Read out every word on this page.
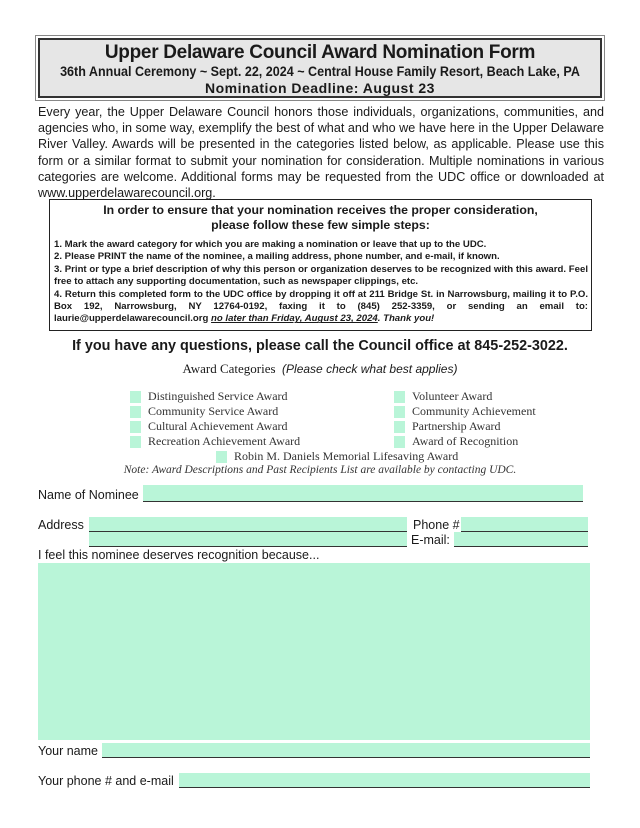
Upper Delaware Council Award Nomination Form
36th Annual Ceremony ~ Sept. 22, 2024 ~ Central House Family Resort, Beach Lake, PA
Nomination Deadline: August 23
Every year, the Upper Delaware Council honors those individuals, organizations, communities, and agencies who, in some way, exemplify the best of what and who we have here in the Upper Delaware River Valley. Awards will be presented in the categories listed below, as applicable. Please use this form or a similar format to submit your nomination for consideration. Multiple nominations in various categories are welcome. Additional forms may be requested from the UDC office or downloaded at www.upperdelawarecouncil.org.
In order to ensure that your nomination receives the proper consideration,
please follow these few simple steps:
1. Mark the award category for which you are making a nomination or leave that up to the UDC.
2. Please PRINT the name of the nominee, a mailing address, phone number, and e-mail, if known.
3. Print or type a brief description of why this person or organization deserves to be recognized with this award. Feel free to attach any supporting documentation, such as newspaper clippings, etc.
4. Return this completed form to the UDC office by dropping it off at 211 Bridge St. in Narrowsburg, mailing it to P.O. Box 192, Narrowsburg, NY 12764-0192, faxing it to (845) 252-3359, or sending an email to: laurie@upperdelawarecouncil.org no later than Friday, August 23, 2024. Thank you!
If you have any questions, please call the Council office at 845-252-3022.
Award Categories (Please check what best applies)
Distinguished Service Award
Community Service Award
Cultural Achievement Award
Recreation Achievement Award
Volunteer Award
Community Achievement
Partnership Award
Award of Recognition
Robin M. Daniels Memorial Lifesaving Award
Note: Award Descriptions and Past Recipients List are available by contacting UDC.
Name of Nominee
Address	Phone #
E-mail:
I feel this nominee deserves recognition because...
Your name
Your phone # and e-mail
